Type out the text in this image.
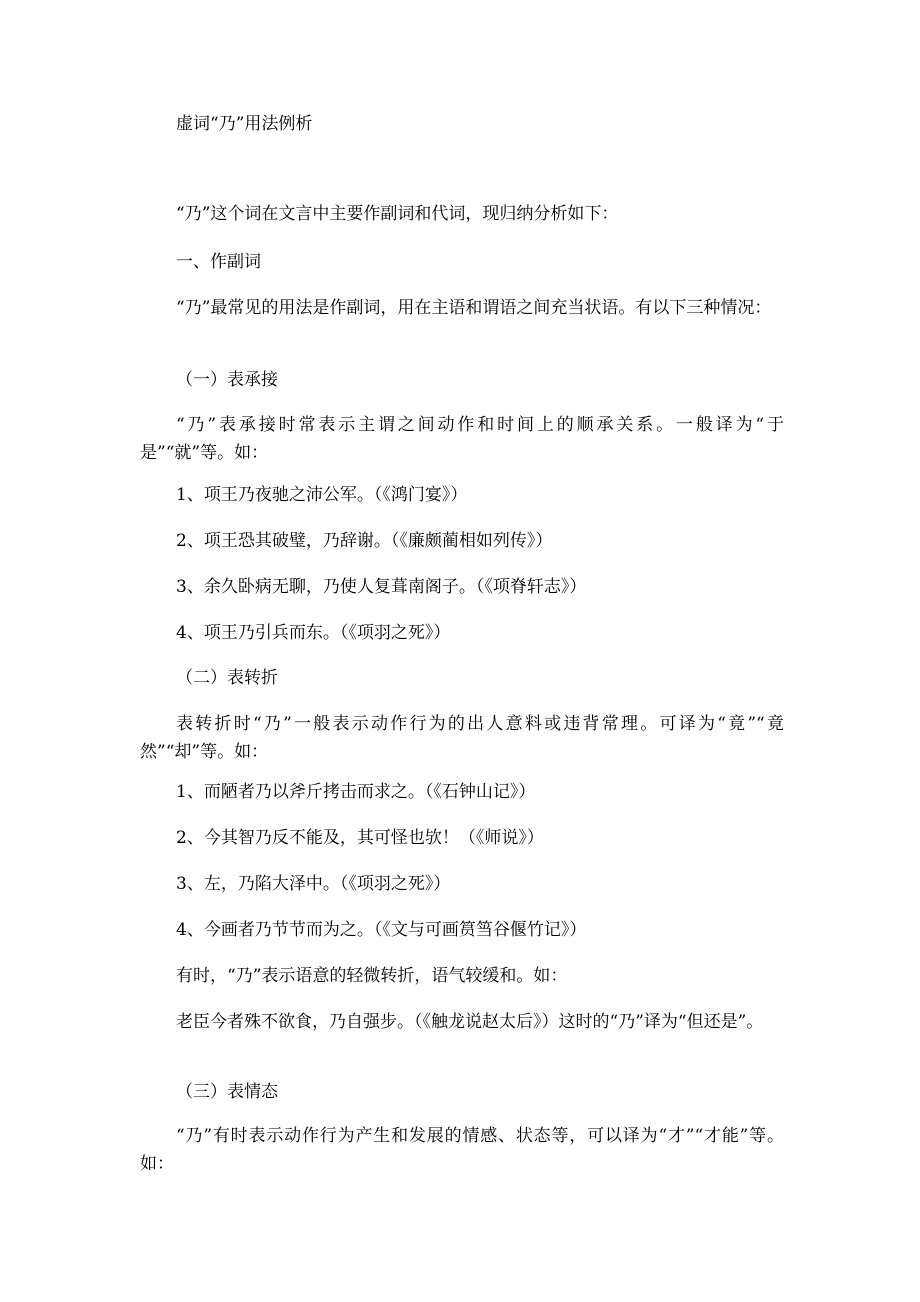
虚词“乃”用法例析

“乃”这个词在文言中主要作副词和代词，现归纳分析如下：

一、作副词

“乃”最常见的用法是作副词，用在主语和谓语之间充当状语。有以下三种情况：

（一）表承接

“乃”表承接时常表示主谓之间动作和时间上的顺承关系。一般译为“于是”“就”等。如：

1、项王乃夜驰之沛公军。（《鸿门宴》）

2、项王恐其破璧，乃辞谢。（《廉颇蔺相如列传》）

3、余久卧病无聊，乃使人复葺南阁子。（《项脊轩志》）

4、项王乃引兵而东。（《项羽之死》）

（二）表转折

表转折时“乃”一般表示动作行为的出人意料或违背常理。可译为“竟”“竟然”“却”等。如：

1、而陋者乃以斧斤拷击而求之。（《石钟山记》）

2、今其智乃反不能及，其可怪也欤！（《师说》）

3、左，乃陷大泽中。（《项羽之死》）

4、今画者乃节节而为之。（《文与可画筼筜谷偃竹记》）

有时，“乃”表示语意的轻微转折，语气较缓和。如：

老臣今者殊不欲食，乃自强步。（《触龙说赵太后》）这时的“乃”译为“但还是”。

（三）表情态

“乃”有时表示动作行为产生和发展的情感、状态等，可以译为“才”“才能”等。如：
